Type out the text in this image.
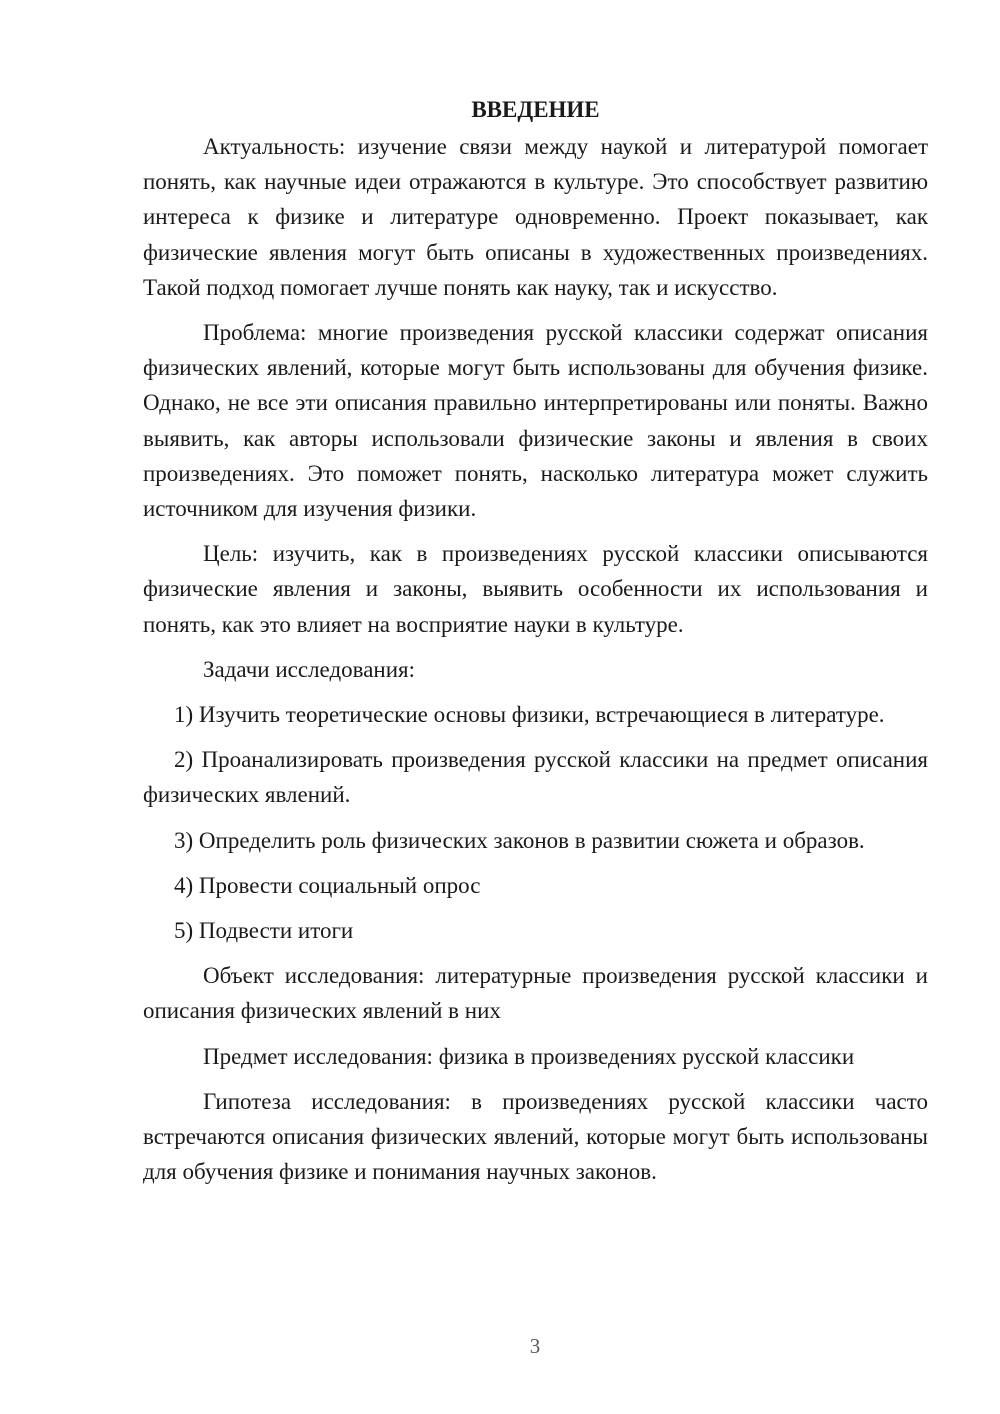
ВВЕДЕНИЕ

Актуальность: изучение связи между наукой и литературой помогает понять, как научные идеи отражаются в культуре. Это способствует развитию интереса к физике и литературе одновременно. Проект показывает, как физические явления могут быть описаны в художественных произведениях. Такой подход помогает лучше понять как науку, так и искусство.

Проблема: многие произведения русской классики содержат описания физических явлений, которые могут быть использованы для обучения физике. Однако, не все эти описания правильно интерпретированы или поняты. Важно выявить, как авторы использовали физические законы и явления в своих произведениях. Это поможет понять, насколько литература может служить источником для изучения физики.

Цель: изучить, как в произведениях русской классики описываются физические явления и законы, выявить особенности их использования и понять, как это влияет на восприятие науки в культуре.

Задачи исследования:

1) Изучить теоретические основы физики, встречающиеся в литературе.

2) Проанализировать произведения русской классики на предмет описания физических явлений.

3) Определить роль физических законов в развитии сюжета и образов.

4) Провести социальный опрос

5) Подвести итоги

Объект исследования: литературные произведения русской классики и описания физических явлений в них

Предмет исследования: физика в произведениях русской классики

Гипотеза исследования: в произведениях русской классики часто встречаются описания физических явлений, которые могут быть использованы для обучения физике и понимания научных законов.

3
